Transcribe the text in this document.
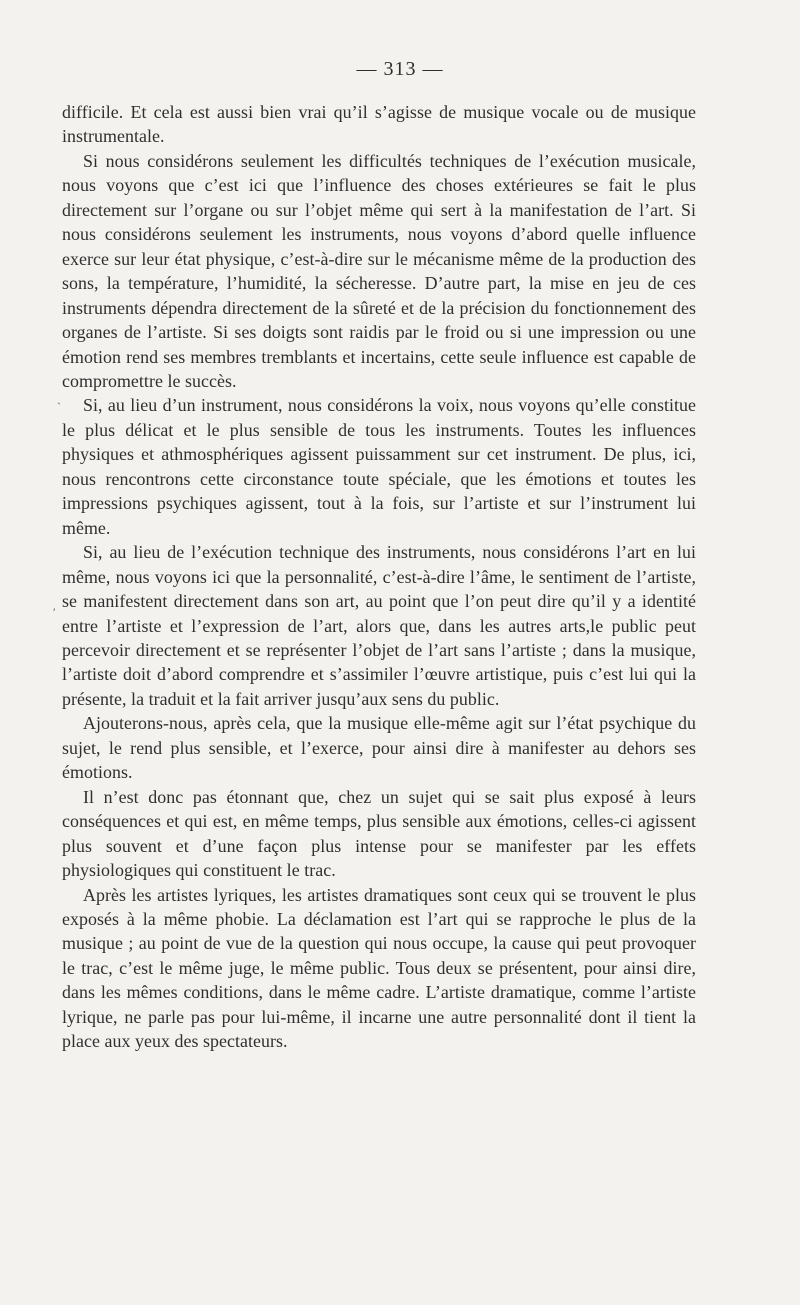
— 313 —
`
′

difficile. Et cela est aussi bien vrai qu’il s’agisse de musique vocale ou de musique instrumentale.

Si nous considérons seulement les difficultés techniques de l’exécution musicale, nous voyons que c’est ici que l’influence des choses extérieures se fait le plus directement sur l’organe ou sur l’objet même qui sert à la manifestation de l’art. Si nous considérons seulement les instruments, nous voyons d’abord quelle influence exerce sur leur état physique, c’est-à-dire sur le mécanisme même de la production des sons, la température, l’humidité, la sécheresse. D’autre part, la mise en jeu de ces instruments dépendra directement de la sûreté et de la précision du fonctionnement des organes de l’artiste. Si ses doigts sont raidis par le froid ou si une impression ou une émotion rend ses membres tremblants et incertains, cette seule influence est capable de compromettre le succès.

Si, au lieu d’un instrument, nous considérons la voix, nous voyons qu’elle constitue le plus délicat et le plus sensible de tous les instruments. Toutes les influences physiques et athmosphériques agissent puissamment sur cet instrument. De plus, ici, nous rencontrons cette circonstance toute spéciale, que les émotions et toutes les impressions psychiques agissent, tout à la fois, sur l’artiste et sur l’instrument lui même.

Si, au lieu de l’exécution technique des instruments, nous considérons l’art en lui même, nous voyons ici que la personnalité, c’est-à-dire l’âme, le sentiment de l’artiste, se manifestent directement dans son art, au point que l’on peut dire qu’il y a identité entre l’artiste et l’expression de l’art, alors que, dans les autres arts,le public peut percevoir directement et se représenter l’objet de l’art sans l’artiste ; dans la musique, l’artiste doit d’abord comprendre et s’assimiler l’œuvre artistique, puis c’est lui qui la présente, la traduit et la fait arriver jusqu’aux sens du public.

Ajouterons-nous, après cela, que la musique elle-même agit sur l’état psychique du sujet, le rend plus sensible, et l’exerce, pour ainsi dire à manifester au dehors ses émotions.

Il n’est donc pas étonnant que, chez un sujet qui se sait plus exposé à leurs conséquences et qui est, en même temps, plus sensible aux émotions, celles-ci agissent plus souvent et d’une façon plus intense pour se manifester par les effets physiologiques qui constituent le trac.

Après les artistes lyriques, les artistes dramatiques sont ceux qui se trouvent le plus exposés à la même phobie. La déclamation est l’art qui se rapproche le plus de la musique ; au point de vue de la question qui nous occupe, la cause qui peut provoquer le trac, c’est le même juge, le même public. Tous deux se présentent, pour ainsi dire, dans les mêmes conditions, dans le même cadre. L’artiste dramatique, comme l’artiste lyrique, ne parle pas pour lui-même, il incarne une autre personnalité dont il tient la place aux yeux des spectateurs.
